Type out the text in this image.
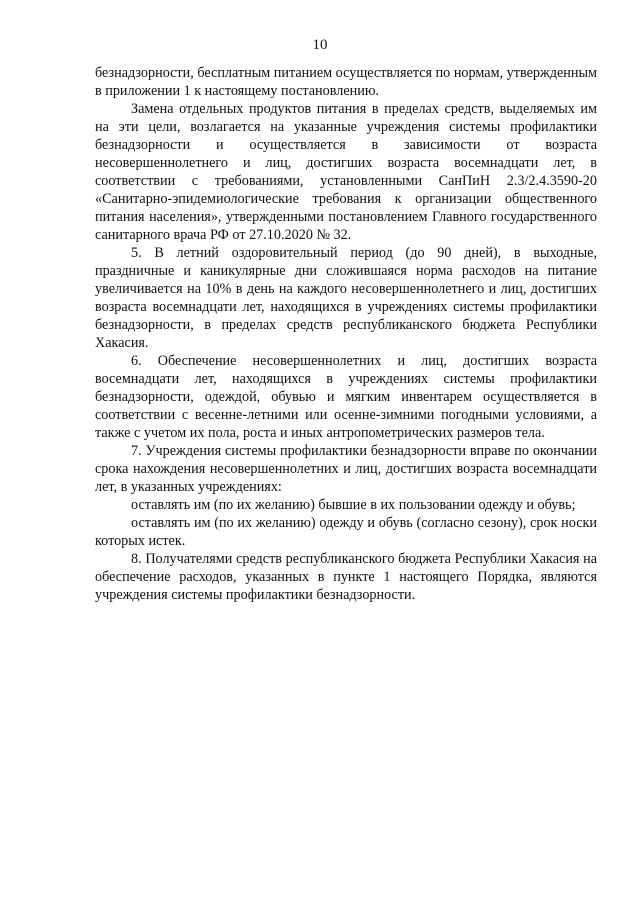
10

безнадзорности, бесплатным питанием осуществляется по нормам, утвержденным в приложении 1 к настоящему постановлению.

Замена отдельных продуктов питания в пределах средств, выделяемых им на эти цели, возлагается на указанные учреждения системы профилактики безнадзорности и осуществляется в зависимости от возраста несовершеннолетнего и лиц, достигших возраста восемнадцати лет, в соответствии с требованиями, установленными СанПиН 2.3/2.4.3590-20 «Санитарно-эпидемиологические требования к организации общественного питания населения», утвержденными постановлением Главного государственного санитарного врача РФ от 27.10.2020 № 32.

5. В летний оздоровительный период (до 90 дней), в выходные, праздничные и каникулярные дни сложившаяся норма расходов на питание увеличивается на 10% в день на каждого несовершеннолетнего и лиц, достигших возраста восемнадцати лет, находящихся в учреждениях системы профилактики безнадзорности, в пределах средств республиканского бюджета Республики Хакасия.

6. Обеспечение несовершеннолетних и лиц, достигших возраста восемнадцати лет, находящихся в учреждениях системы профилактики безнадзорности, одеждой, обувью и мягким инвентарем осуществляется в соответствии с весенне-летними или осенне-зимними погодными условиями, а также с учетом их пола, роста и иных антропометрических размеров тела.

7. Учреждения системы профилактики безнадзорности вправе по окончании срока нахождения несовершеннолетних и лиц, достигших возраста восемнадцати лет, в указанных учреждениях:

оставлять им (по их желанию) бывшие в их пользовании одежду и обувь;

оставлять им (по их желанию) одежду и обувь (согласно сезону), срок носки которых истек.

8. Получателями средств республиканского бюджета Республики Хакасия на обеспечение расходов, указанных в пункте 1 настоящего Порядка, являются учреждения системы профилактики безнадзорности.
